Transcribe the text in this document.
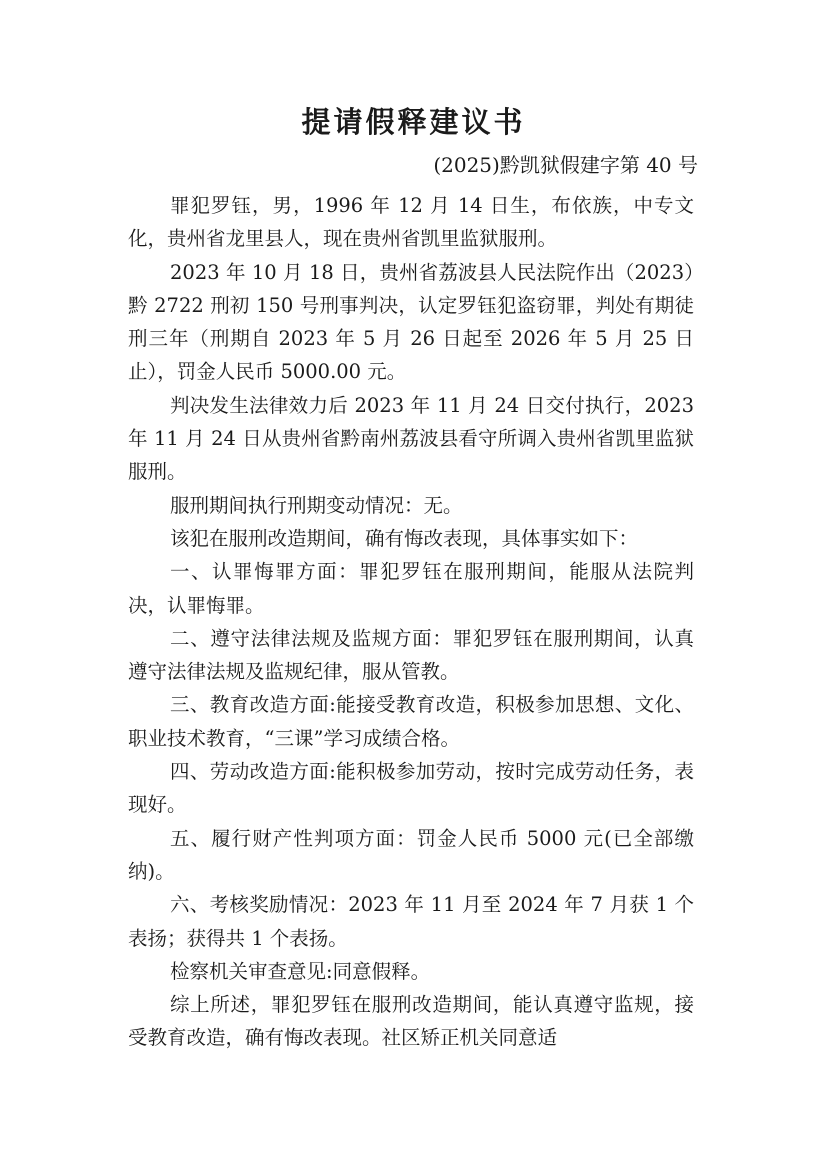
提请假释建议书
(2025)黔凯狱假建字第 40 号

罪犯罗钰，男，1996 年 12 月 14 日生，布依族，中专文化，贵州省龙里县人，现在贵州省凯里监狱服刑。

2023 年 10 月 18 日，贵州省荔波县人民法院作出（2023）黔 2722 刑初 150 号刑事判决，认定罗钰犯盗窃罪，判处有期徒刑三年（刑期自 2023 年 5 月 26 日起至 2026 年 5 月 25 日止），罚金人民币 5000.00 元。

判决发生法律效力后 2023 年 11 月 24 日交付执行，2023 年 11 月 24 日从贵州省黔南州荔波县看守所调入贵州省凯里监狱服刑。

服刑期间执行刑期变动情况：无。

该犯在服刑改造期间，确有悔改表现，具体事实如下：

一、认罪悔罪方面：罪犯罗钰在服刑期间，能服从法院判决，认罪悔罪。

二、遵守法律法规及监规方面：罪犯罗钰在服刑期间，认真遵守法律法规及监规纪律，服从管教。

三、教育改造方面:能接受教育改造，积极参加思想、文化、职业技术教育，“三课”学习成绩合格。

四、劳动改造方面:能积极参加劳动，按时完成劳动任务，表现好。

五、履行财产性判项方面：罚金人民币 5000 元(已全部缴纳)。

六、考核奖励情况：2023 年 11 月至 2024 年 7 月获 1 个表扬；获得共 1 个表扬。

检察机关审查意见:同意假释。

综上所述，罪犯罗钰在服刑改造期间，能认真遵守监规，接受教育改造，确有悔改表现。社区矫正机关同意适
